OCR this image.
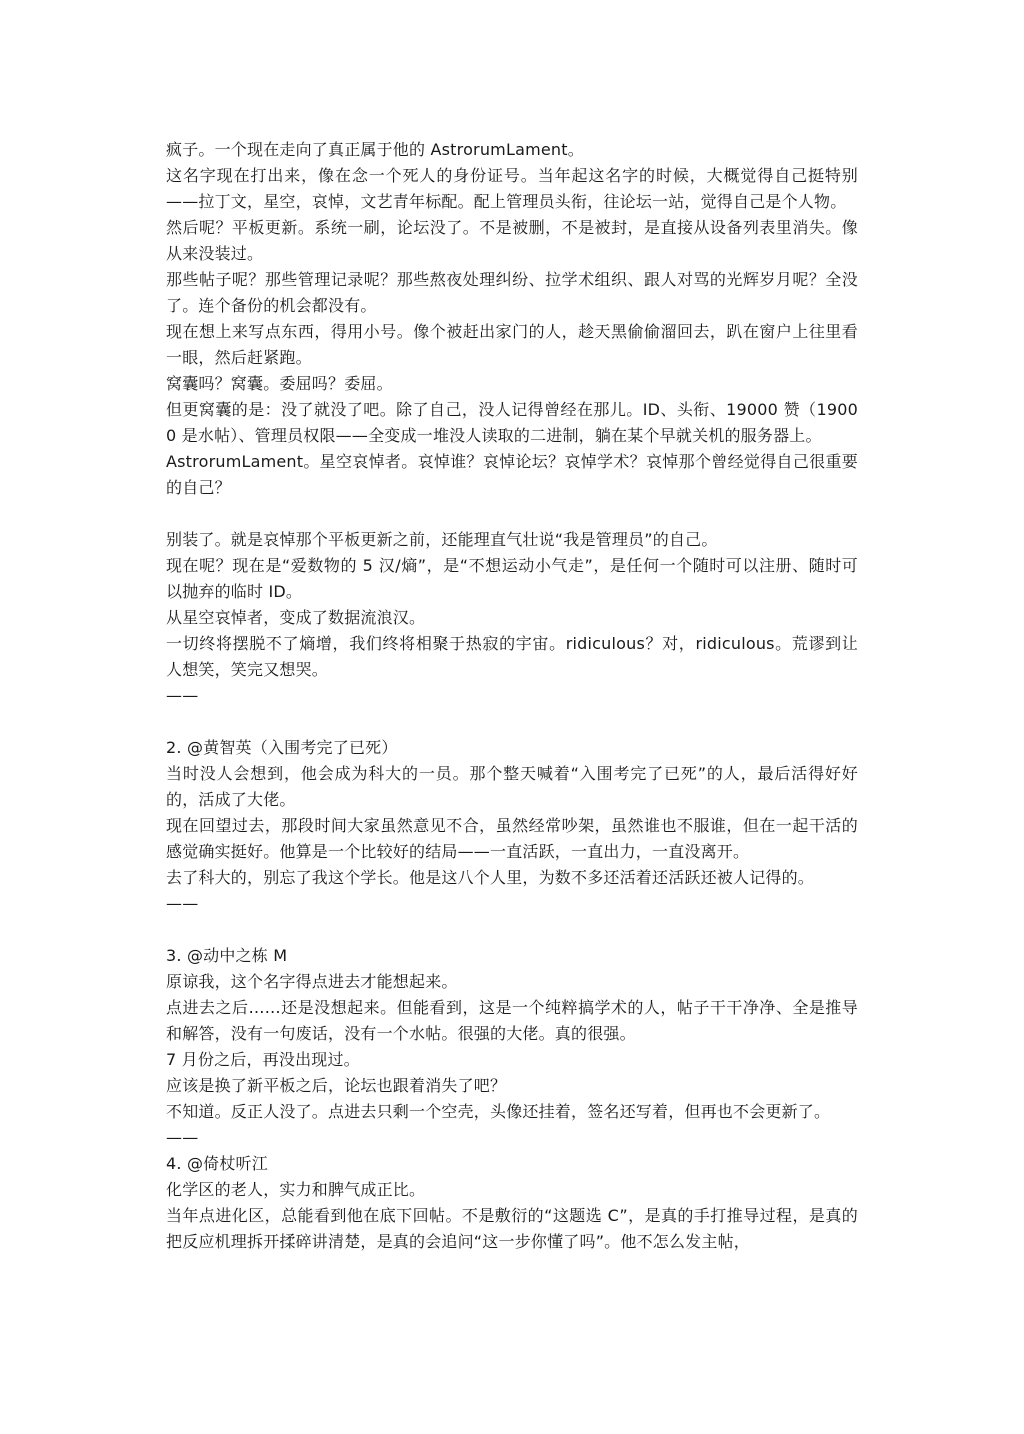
疯子。一个现在走向了真正属于他的 AstrorumLament。

这名字现在打出来，像在念一个死人的身份证号。当年起这名字的时候，大概觉得自己挺特别——拉丁文，星空，哀悼，文艺青年标配。配上管理员头衔，往论坛一站，觉得自己是个人物。

然后呢？平板更新。系统一刷，论坛没了。不是被删，不是被封，是直接从设备列表里消失。像从来没装过。

那些帖子呢？那些管理记录呢？那些熬夜处理纠纷、拉学术组织、跟人对骂的光辉岁月呢？全没了。连个备份的机会都没有。

现在想上来写点东西，得用小号。像个被赶出家门的人，趁天黑偷偷溜回去，趴在窗户上往里看一眼，然后赶紧跑。

窝囊吗？窝囊。委屈吗？委屈。

但更窝囊的是：没了就没了吧。除了自己，没人记得曾经在那儿。ID、头衔、19000 赞（19000 是水帖）、管理员权限——全变成一堆没人读取的二进制，躺在某个早就关机的服务器上。

AstrorumLament。星空哀悼者。哀悼谁？哀悼论坛？哀悼学术？哀悼那个曾经觉得自己很重要的自己？

别装了。就是哀悼那个平板更新之前，还能理直气壮说“我是管理员”的自己。

现在呢？现在是“爱数物的 5 汉/熵”，是“不想运动小气走”，是任何一个随时可以注册、随时可以抛弃的临时 ID。

从星空哀悼者，变成了数据流浪汉。

一切终将摆脱不了熵增，我们终将相聚于热寂的宇宙。ridiculous？对，ridiculous。荒谬到让人想笑，笑完又想哭。

——

2. @黄智英（入围考完了已死）

当时没人会想到，他会成为科大的一员。那个整天喊着“入围考完了已死”的人，最后活得好好的，活成了大佬。

现在回望过去，那段时间大家虽然意见不合，虽然经常吵架，虽然谁也不服谁，但在一起干活的感觉确实挺好。他算是一个比较好的结局——一直活跃，一直出力，一直没离开。

去了科大的，别忘了我这个学长。他是这八个人里，为数不多还活着还活跃还被人记得的。

——

3. @动中之栋 M

原谅我，这个名字得点进去才能想起来。

点进去之后……还是没想起来。但能看到，这是一个纯粹搞学术的人，帖子干干净净、全是推导和解答，没有一句废话，没有一个水帖。很强的大佬。真的很强。

7 月份之后，再没出现过。

应该是换了新平板之后，论坛也跟着消失了吧？

不知道。反正人没了。点进去只剩一个空壳，头像还挂着，签名还写着，但再也不会更新了。

——

4. @倚杖听江

化学区的老人，实力和脾气成正比。

当年点进化区，总能看到他在底下回帖。不是敷衍的“这题选 C”，是真的手打推导过程，是真的把反应机理拆开揉碎讲清楚，是真的会追问“这一步你懂了吗”。他不怎么发主帖，
